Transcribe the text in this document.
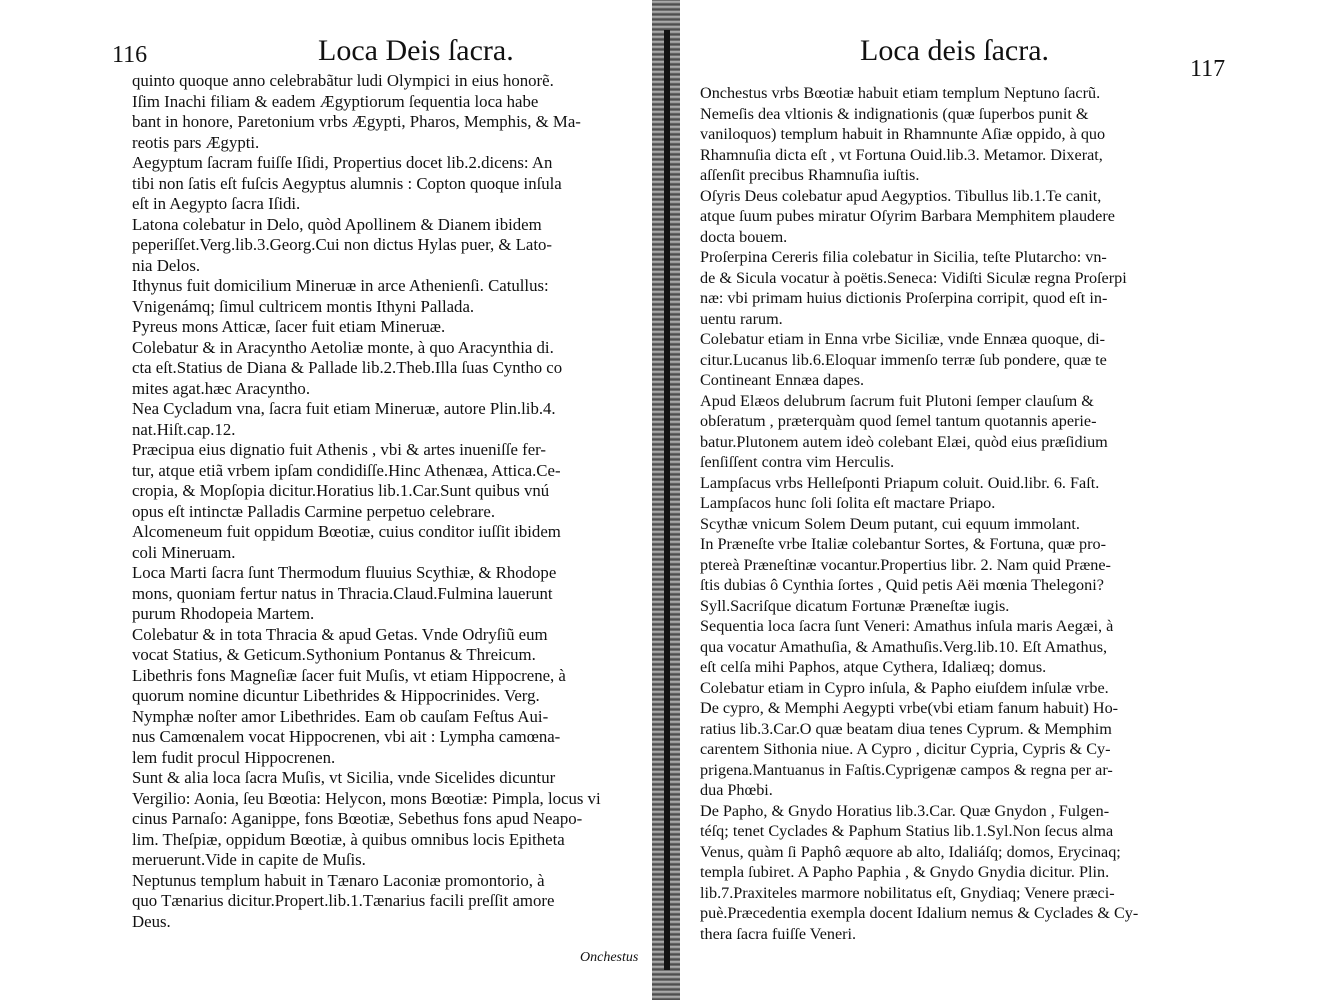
116	Loca Deis ſacra.
quinto quoque anno celebrabãtur ludi Olympici in eius honorẽ.
Iſim Inachi filiam & eadem Ægyptiorum ſequentia loca habe
bant in honore, Paretonium vrbs Ægypti, Pharos, Memphis, & Ma-
reotis pars Ægypti.
Aegyptum ſacram fuiſſe Iſidi, Propertius docet lib.2.dicens: An
tibi non ſatis eſt fuſcis Aegyptus alumnis : Copton quoque inſula
eſt in Aegypto ſacra Iſidi.
Latona colebatur in Delo, quòd Apollinem & Dianem ibidem
peperiſſet.Verg.lib.3.Georg.Cui non dictus Hylas puer, & Lato-
nia Delos.
Ithynus fuit domicilium Mineruæ in arce Athenienſi. Catullus:
Vnigenámq; ſimul cultricem montis Ithyni Pallada.
Pyreus mons Atticæ, ſacer fuit etiam Mineruæ.
Colebatur & in Aracyntho Aetoliæ monte, à quo Aracynthia di.
cta eſt.Statius de Diana & Pallade lib.2.Theb.Illa ſuas Cyntho co
mites agat.hæc Aracyntho.
Nea Cycladum vna, ſacra fuit etiam Mineruæ, autore Plin.lib.4.
nat.Hiſt.cap.12.
Præcipua eius dignatio fuit Athenis , vbi & artes inueniſſe fer-
tur, atque etiã vrbem ipſam condidiſſe.Hinc Athenæa, Attica.Ce-
cropia, & Mopſopia dicitur.Horatius lib.1.Car.Sunt quibus vnú
opus eſt intinctæ Palladis Carmine perpetuo celebrare.
Alcomeneum fuit oppidum Bœotiæ, cuius conditor iuſſit ibidem
coli Mineruam.
Loca Marti ſacra ſunt Thermodum fluuius Scythiæ, & Rhodope
mons, quoniam fertur natus in Thracia.Claud.Fulmina lauerunt
purum Rhodopeia Martem.
Colebatur & in tota Thracia & apud Getas. Vnde Odryſiũ eum
vocat Statius, & Geticum.Sythonium Pontanus & Threicum.
Libethris fons Magneſiæ ſacer fuit Muſis, vt etiam Hippocrene, à
quorum nomine dicuntur Libethrides & Hippocrinides. Verg.
Nymphæ noſter amor Libethrides. Eam ob cauſam Feſtus Aui-
nus Camœnalem vocat Hippocrenen, vbi ait : Lympha camœna-
lem fudit procul Hippocrenen.
Sunt & alia loca ſacra Muſis, vt Sicilia, vnde Sicelides dicuntur
Vergilio: Aonia, ſeu Bœotia: Helycon, mons Bœotiæ: Pimpla, locus vi
cinus Parnaſo: Aganippe, fons Bœotiæ, Sebethus fons apud Neapo-
lim. Theſpiæ, oppidum Bœotiæ, à quibus omnibus locis Epitheta
meruerunt.Vide in capite de Muſis.
Neptunus templum habuit in Tænaro Laconiæ promontorio, à
quo Tænarius dicitur.Propert.lib.1.Tænarius facili preſſit amore
Deus.
Onchestus
Loca deis ſacra.
117
Onchestus vrbs Bœotiæ habuit etiam templum Neptuno ſacrũ.
Nemeſis dea vltionis & indignationis (quæ ſuperbos punit &
vaniloquos) templum habuit in Rhamnunte Aſiæ oppido, à quo
Rhamnuſia dicta eſt , vt Fortuna Ouid.lib.3. Metamor. Dixerat,
aſſenſit precibus Rhamnuſia iuſtis.
Oſyris Deus colebatur apud Aegyptios. Tibullus lib.1.Te canit,
atque ſuum pubes miratur Oſyrim Barbara Memphitem plaudere
docta bouem.
Proſerpina Cereris filia colebatur in Sicilia, teſte Plutarcho: vn-
de & Sicula vocatur à poëtis.Seneca: Vidiſti Siculæ regna Proſerpi
næ: vbi primam huius dictionis Proſerpina corripit, quod eſt in-
uentu rarum.
Colebatur etiam in Enna vrbe Siciliæ, vnde Ennæa quoque, di-
citur.Lucanus lib.6.Eloquar immenſo terræ ſub pondere, quæ te
Contineant Ennæa dapes.
Apud Elæos delubrum ſacrum fuit Plutoni ſemper clauſum &
obſeratum , præterquàm quod ſemel tantum quotannis aperie-
batur.Plutonem autem ideò colebant Elæi, quòd eius præſidium
ſenſiſſent contra vim Herculis.
Lampſacus vrbs Helleſponti Priapum coluit. Ouid.libr. 6. Faſt.
Lampſacos hunc ſoli ſolita eſt mactare Priapo.
Scythæ vnicum Solem Deum putant, cui equum immolant.
In Præneſte vrbe Italiæ colebantur Sortes, & Fortuna, quæ pro-
ptereà Præneſtinæ vocantur.Propertius libr. 2. Nam quid Præne-
ſtis dubias ô Cynthia ſortes , Quid petis Aëi mœnia Thelegoni?
Syll.Sacriſque dicatum Fortunæ Præneſtæ iugis.
Sequentia loca ſacra ſunt Veneri: Amathus inſula maris Aegæi, à
qua vocatur Amathuſia, & Amathuſis.Verg.lib.10. Eſt Amathus,
eſt celſa mihi Paphos, atque Cythera, Idaliæq; domus.
Colebatur etiam in Cypro inſula, & Papho eiuſdem inſulæ vrbe.
De cypro, & Memphi Aegypti vrbe(vbi etiam fanum habuit) Ho-
ratius lib.3.Car.O quæ beatam diua tenes Cyprum. & Memphim
carentem Sithonia niue. A Cypro , dicitur Cypria, Cypris & Cy-
prigena.Mantuanus in Faſtis.Cyprigenæ campos & regna per ar-
dua Phœbi.
De Papho, & Gnydo Horatius lib.3.Car. Quæ Gnydon , Fulgen-
téſq; tenet Cyclades & Paphum Statius lib.1.Syl.Non ſecus alma
Venus, quàm ſi Paphô æquore ab alto, Idaliáſq; domos, Erycinaq;
templa ſubiret. A Papho Paphia , & Gnydo Gnydia dicitur. Plin.
lib.7.Praxiteles marmore nobilitatus eſt, Gnydiaq; Venere præci-
puè.Præcedentia exempla docent Idalium nemus & Cyclades & Cy-
thera ſacra fuiſſe Veneri.
